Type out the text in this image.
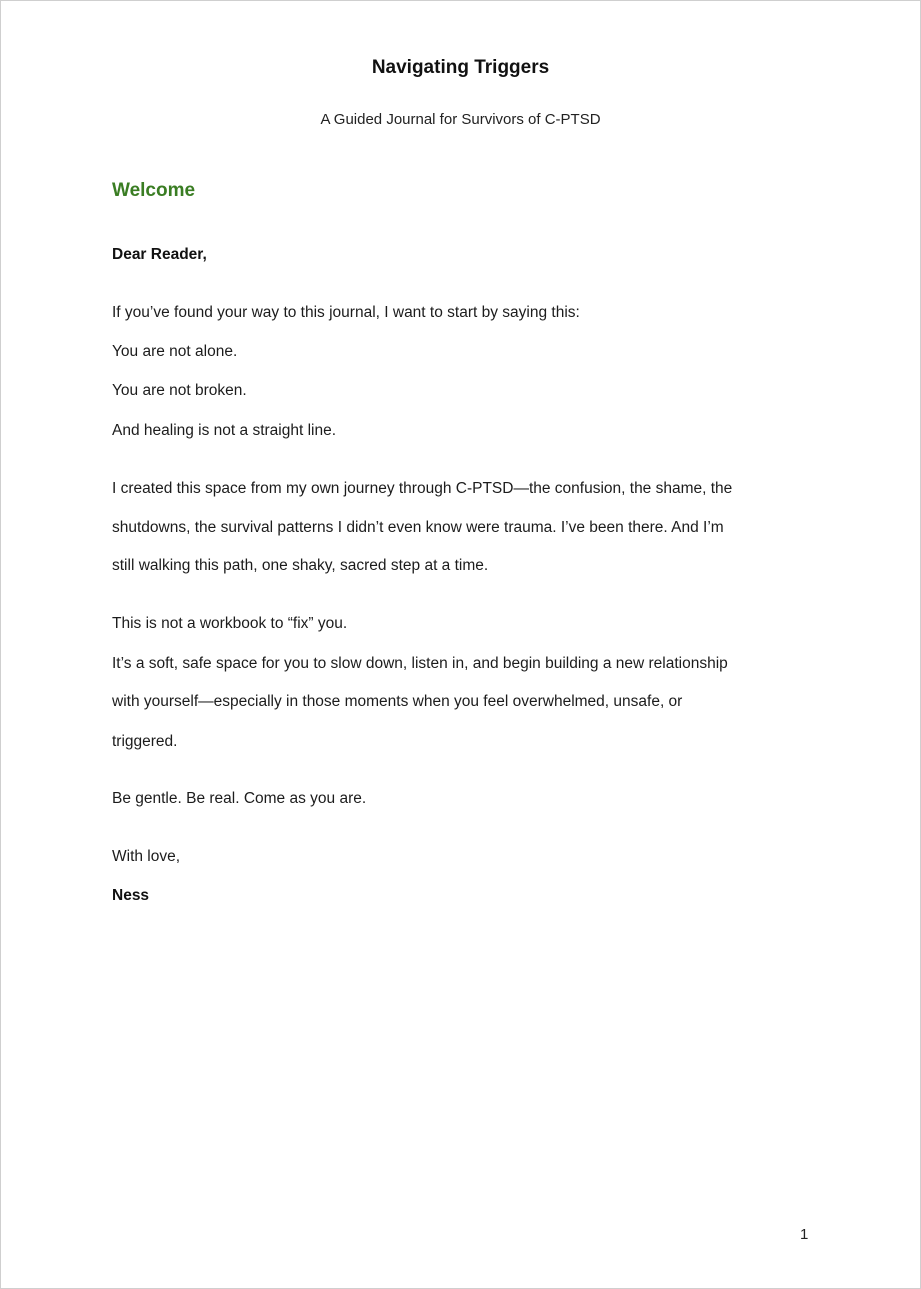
Navigating Triggers
A Guided Journal for Survivors of C-PTSD
Welcome
Dear Reader,
If you’ve found your way to this journal, I want to start by saying this:
You are not alone.
You are not broken.
And healing is not a straight line.
I created this space from my own journey through C-PTSD—the confusion, the shame, the
shutdowns, the survival patterns I didn’t even know were trauma. I’ve been there. And I’m
still walking this path, one shaky, sacred step at a time.
This is not a workbook to “fix” you.
It’s a soft, safe space for you to slow down, listen in, and begin building a new relationship
with yourself—especially in those moments when you feel overwhelmed, unsafe, or
triggered.
Be gentle. Be real. Come as you are.
With love,
Ness
1
